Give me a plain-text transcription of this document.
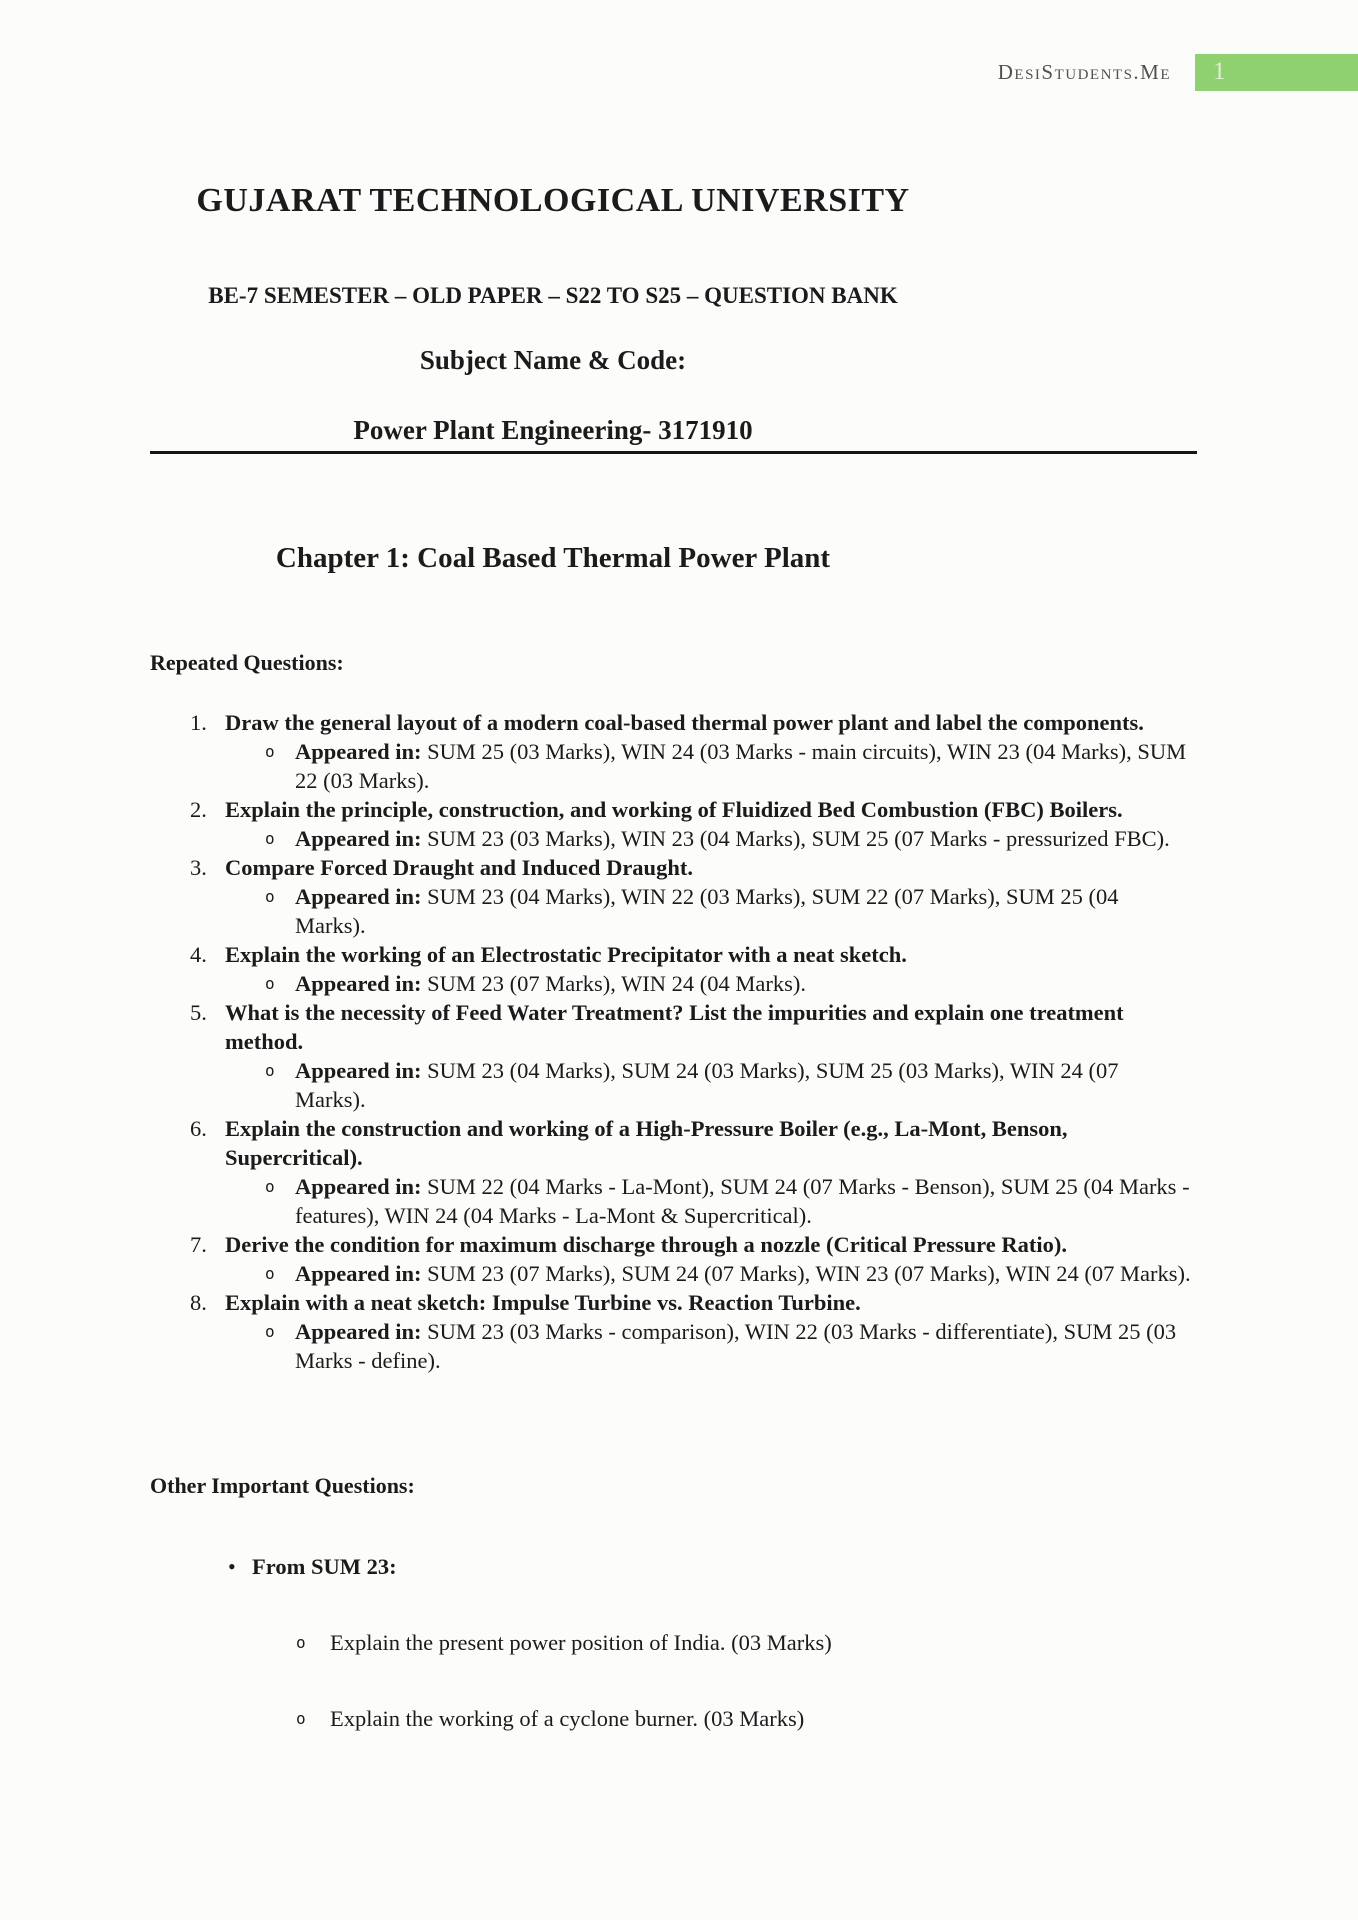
DesiStudents.Me	1
GUJARAT TECHNOLOGICAL UNIVERSITY
BE-7 SEMESTER – OLD PAPER – S22 TO S25 – QUESTION BANK
Subject Name & Code:
Power Plant Engineering- 3171910
Chapter 1: Coal Based Thermal Power Plant
Repeated Questions:
1. Draw the general layout of a modern coal-based thermal power plant and label the components.
o Appeared in: SUM 25 (03 Marks), WIN 24 (03 Marks - main circuits), WIN 23 (04 Marks), SUM 22 (03 Marks).
2. Explain the principle, construction, and working of Fluidized Bed Combustion (FBC) Boilers.
o Appeared in: SUM 23 (03 Marks), WIN 23 (04 Marks), SUM 25 (07 Marks - pressurized FBC).
3. Compare Forced Draught and Induced Draught.
o Appeared in: SUM 23 (04 Marks), WIN 22 (03 Marks), SUM 22 (07 Marks), SUM 25 (04 Marks).
4. Explain the working of an Electrostatic Precipitator with a neat sketch.
o Appeared in: SUM 23 (07 Marks), WIN 24 (04 Marks).
5. What is the necessity of Feed Water Treatment? List the impurities and explain one treatment method.
o Appeared in: SUM 23 (04 Marks), SUM 24 (03 Marks), SUM 25 (03 Marks), WIN 24 (07 Marks).
6. Explain the construction and working of a High-Pressure Boiler (e.g., La-Mont, Benson, Supercritical).
o Appeared in: SUM 22 (04 Marks - La-Mont), SUM 24 (07 Marks - Benson), SUM 25 (04 Marks - features), WIN 24 (04 Marks - La-Mont & Supercritical).
7. Derive the condition for maximum discharge through a nozzle (Critical Pressure Ratio).
o Appeared in: SUM 23 (07 Marks), SUM 24 (07 Marks), WIN 23 (07 Marks), WIN 24 (07 Marks).
8. Explain with a neat sketch: Impulse Turbine vs. Reaction Turbine.
o Appeared in: SUM 23 (03 Marks - comparison), WIN 22 (03 Marks - differentiate), SUM 25 (03 Marks - define).
Other Important Questions:
• From SUM 23:
o	Explain the present power position of India. (03 Marks)
o	Explain the working of a cyclone burner. (03 Marks)
